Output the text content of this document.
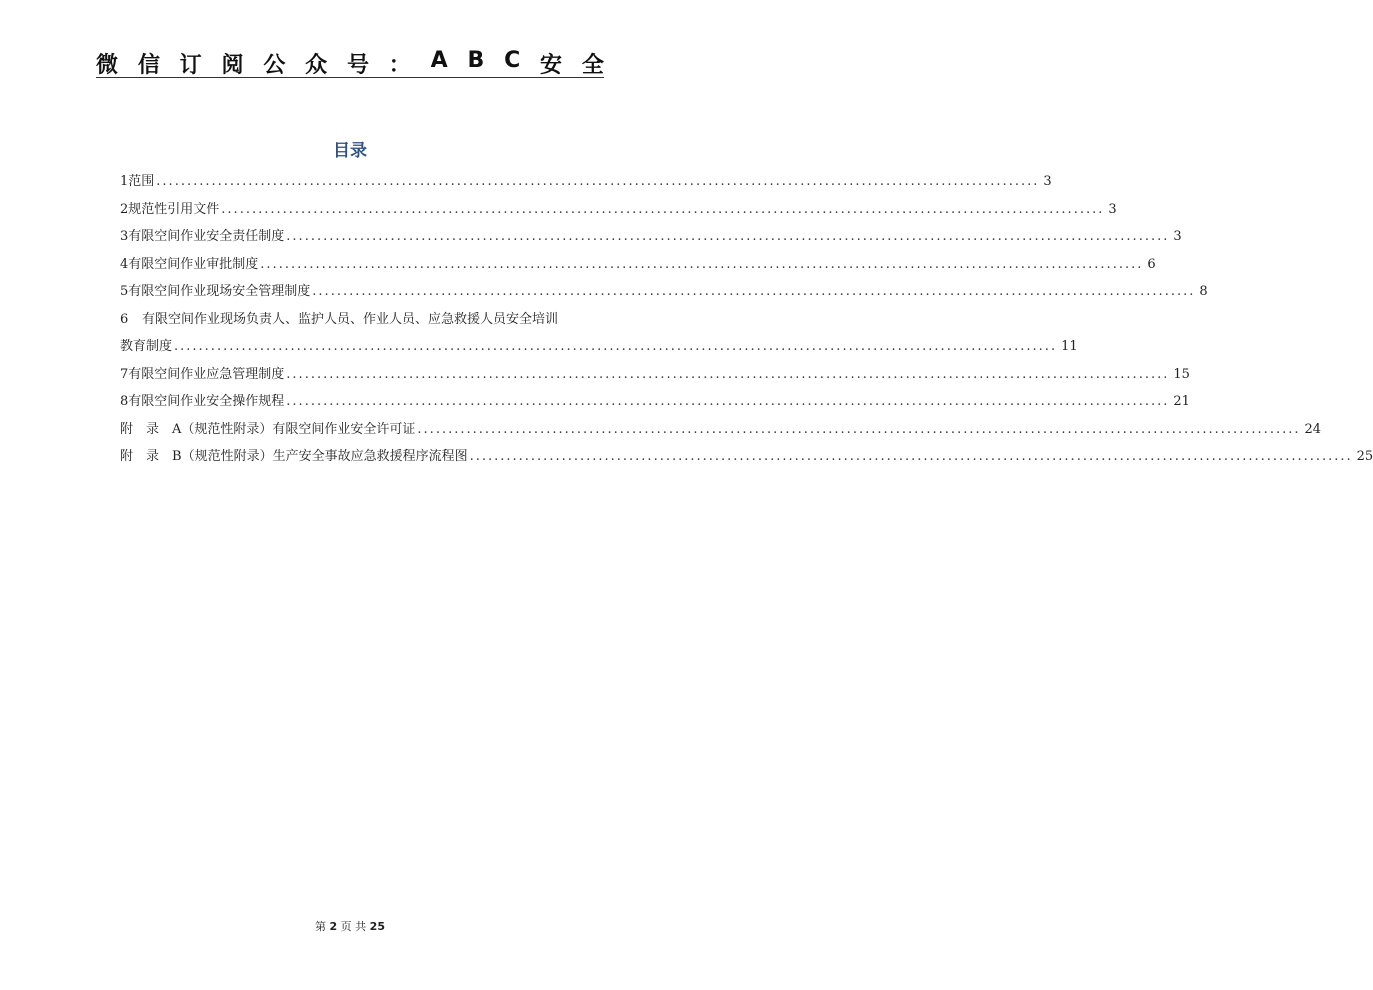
微 信 订 阅 公 众 号 ： A B C 安 全
目录
1 范围 ................................................................................................................................................ 3
2 规范性引用文件 ................................................................................................................................................ 3
3 有限空间作业安全责任制度 ................................................................................................................................................ 3
4 有限空间作业审批制度 ................................................................................................................................................ 6
5 有限空间作业现场安全管理制度 ................................................................................................................................................ 8
6	有限空间作业现场负责人、监护人员、作业人员、应急救援人员安全培训
教育制度 ................................................................................................................................................ 11
7 有限空间作业应急管理制度 ................................................................................................................................................ 15
8 有限空间作业安全操作规程 ................................................................................................................................................ 21
附　录　A （规范性附录） 有限空间作业安全许可证 ................................................................................................................................................ 24
附　录　B （规范性附录） 生产安全事故应急救援程序流程图 ................................................................................................................................................ 25
第 2 页 共 25
